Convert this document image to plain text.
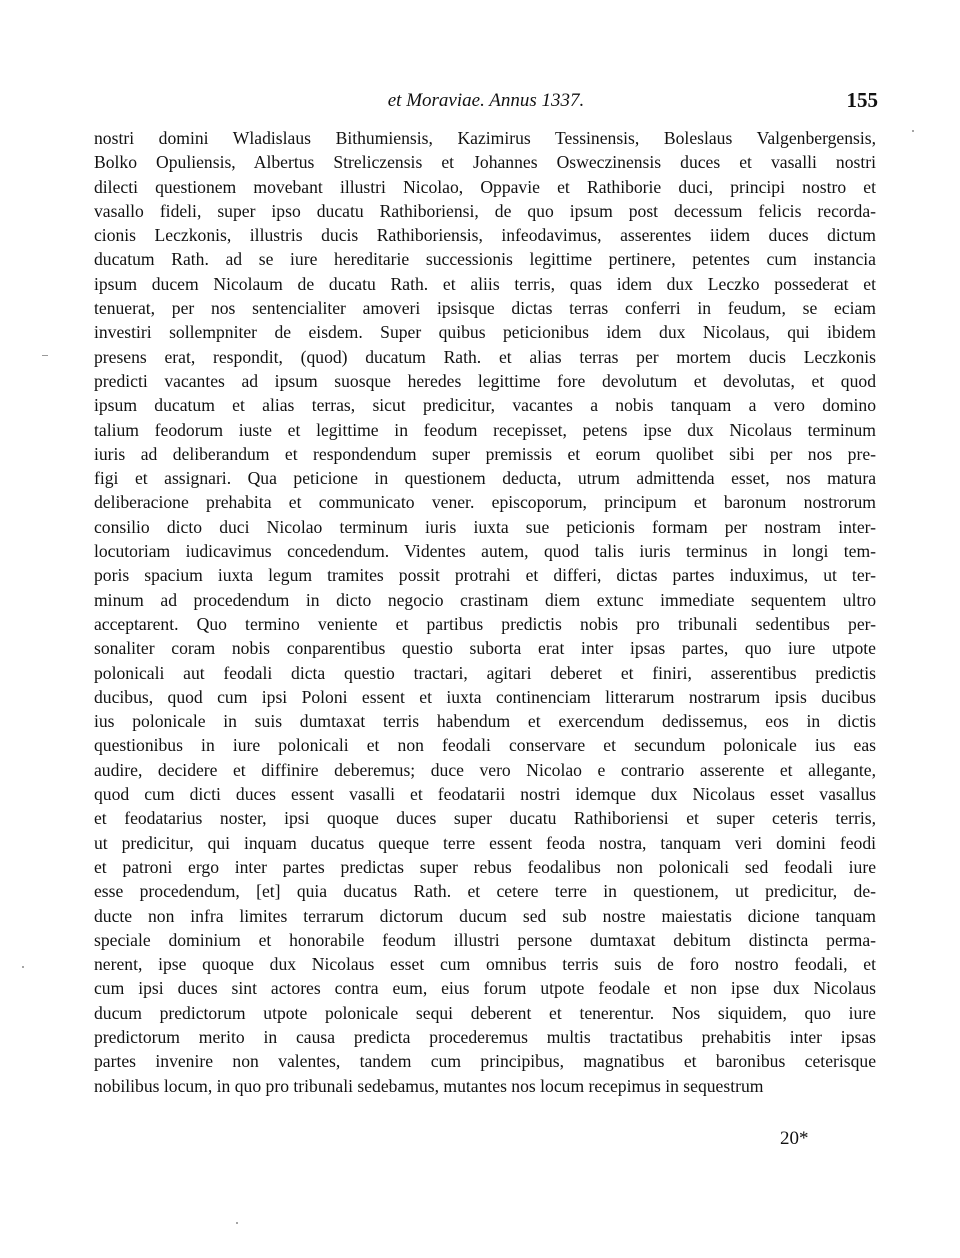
et Moraviae. Annus 1337.	155
nostri domini Wladislaus Bithumiensis, Kazimirus Tessinensis, Boleslaus Valgenbergensis,
Bolko Opuliensis, Albertus Streliczensis et Johannes Osweczinensis duces et vasalli nostri
dilecti questionem movebant illustri Nicolao, Oppavie et Rathiborie duci, principi nostro et
vasallo fideli, super ipso ducatu Rathiboriensi, de quo ipsum post decessum felicis recorda-
cionis Leczkonis, illustris ducis Rathiboriensis, infeodavimus, asserentes iidem duces dictum
ducatum Rath. ad se iure hereditarie successionis legittime pertinere, petentes cum instancia
ipsum ducem Nicolaum de ducatu Rath. et aliis terris, quas idem dux Leczko possederat et
tenuerat, per nos sentencialiter amoveri ipsisque dictas terras conferri in feudum, se eciam
investiri sollempniter de eisdem. Super quibus peticionibus idem dux Nicolaus, qui ibidem
presens erat, respondit, (quod) ducatum Rath. et alias terras per mortem ducis Leczkonis
predicti vacantes ad ipsum suosque heredes legittime fore devolutum et devolutas, et quod
ipsum ducatum et alias terras, sicut predicitur, vacantes a nobis tanquam a vero domino
talium feodorum iuste et legittime in feodum recepisset, petens ipse dux Nicolaus terminum
iuris ad deliberandum et respondendum super premissis et eorum quolibet sibi per nos pre-
figi et assignari. Qua peticione in questionem deducta, utrum admittenda esset, nos matura
deliberacione prehabita et communicato vener. episcoporum, principum et baronum nostrorum
consilio dicto duci Nicolao terminum iuris iuxta sue peticionis formam per nostram inter-
locutoriam iudicavimus concedendum. Videntes autem, quod talis iuris terminus in longi tem-
poris spacium iuxta legum tramites possit protrahi et differi, dictas partes induximus, ut ter-
minum ad procedendum in dicto negocio crastinam diem extunc immediate sequentem ultro
acceptarent. Quo termino veniente et partibus predictis nobis pro tribunali sedentibus per-
sonaliter coram nobis conparentibus questio suborta erat inter ipsas partes, quo iure utpote
polonicali aut feodali dicta questio tractari, agitari deberet et finiri, asserentibus predictis
ducibus, quod cum ipsi Poloni essent et iuxta continenciam litterarum nostrarum ipsis ducibus
ius polonicale in suis dumtaxat terris habendum et exercendum dedissemus, eos in dictis
questionibus in iure polonicali et non feodali conservare et secundum polonicale ius eas
audire, decidere et diffinire deberemus; duce vero Nicolao e contrario asserente et allegante,
quod cum dicti duces essent vasalli et feodatarii nostri idemque dux Nicolaus esset vasallus
et feodatarius noster, ipsi quoque duces super ducatu Rathiboriensi et super ceteris terris,
ut predicitur, qui inquam ducatus queque terre essent feoda nostra, tanquam veri domini feodi
et patroni ergo inter partes predictas super rebus feodalibus non polonicali sed feodali iure
esse procedendum, [et] quia ducatus Rath. et cetere terre in questionem, ut predicitur, de-
ducte non infra limites terrarum dictorum ducum sed sub nostre maiestatis dicione tanquam
speciale dominium et honorabile feodum illustri persone dumtaxat debitum distincta perma-
nerent, ipse quoque dux Nicolaus esset cum omnibus terris suis de foro nostro feodali, et
cum ipsi duces sint actores contra eum, eius forum utpote feodale et non ipse dux Nicolaus
ducum predictorum utpote polonicale sequi deberent et tenerentur. Nos siquidem, quo iure
predictorum merito in causa predicta procederemus multis tractatibus prehabitis inter ipsas
partes invenire non valentes, tandem cum principibus, magnatibus et baronibus ceterisque
nobilibus locum, in quo pro tribunali sedebamus, mutantes nos locum recepimus in sequestrum
20*
